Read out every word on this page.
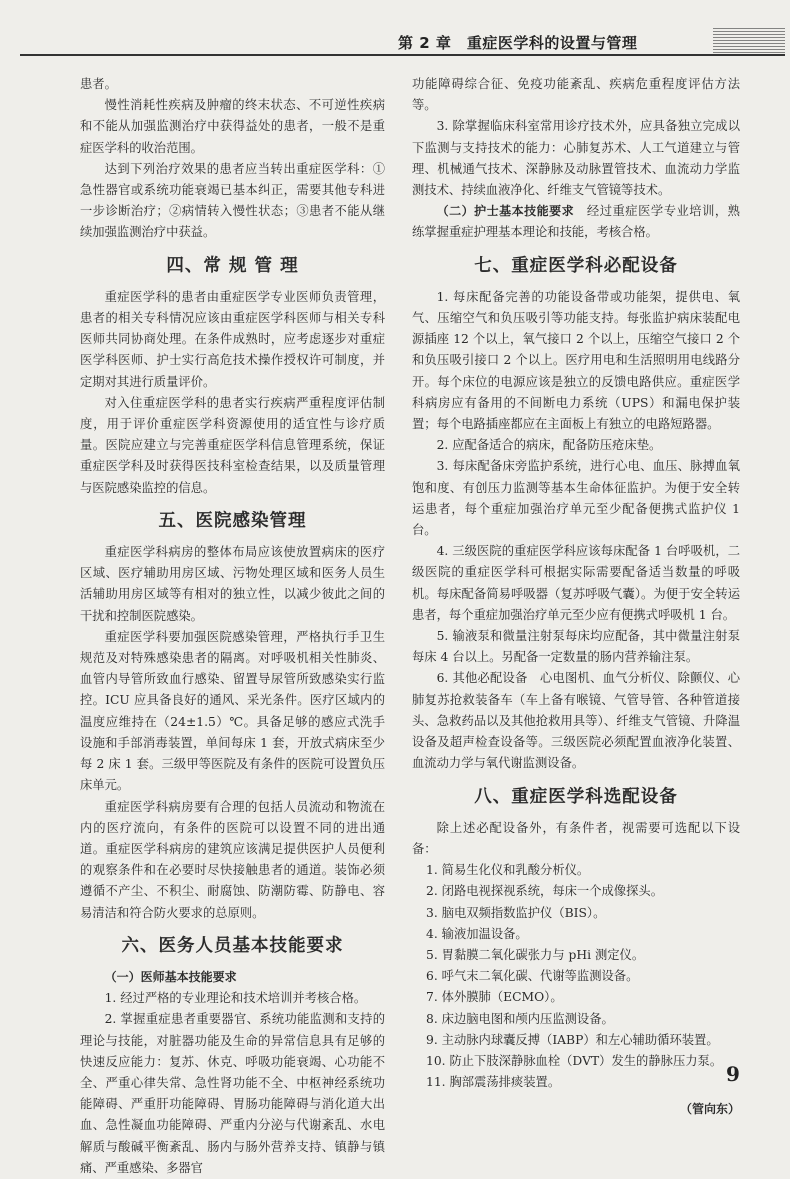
第 2 章　重症医学科的设置与管理

患者。

慢性消耗性疾病及肿瘤的终末状态、不可逆性疾病和不能从加强监测治疗中获得益处的患者，一般不是重症医学科的收治范围。

达到下列治疗效果的患者应当转出重症医学科：①急性器官或系统功能衰竭已基本纠正，需要其他专科进一步诊断治疗；②病情转入慢性状态；③患者不能从继续加强监测治疗中获益。

四、常 规 管 理

重症医学科的患者由重症医学专业医师负责管理，患者的相关专科情况应该由重症医学科医师与相关专科医师共同协商处理。在条件成熟时，应考虑逐步对重症医学科医师、护士实行高危技术操作授权许可制度，并定期对其进行质量评价。

对入住重症医学科的患者实行疾病严重程度评估制度，用于评价重症医学科资源使用的适宜性与诊疗质量。医院应建立与完善重症医学科信息管理系统，保证重症医学科及时获得医技科室检查结果，以及质量管理与医院感染监控的信息。

五、医院感染管理

重症医学科病房的整体布局应该使放置病床的医疗区域、医疗辅助用房区域、污物处理区域和医务人员生活辅助用房区域等有相对的独立性，以减少彼此之间的干扰和控制医院感染。

重症医学科要加强医院感染管理，严格执行手卫生规范及对特殊感染患者的隔离。对呼吸机相关性肺炎、血管内导管所致血行感染、留置导尿管所致感染实行监控。ICU 应具备良好的通风、采光条件。医疗区域内的温度应维持在（24±1.5）℃。具备足够的感应式洗手设施和手部消毒装置，单间每床 1 套，开放式病床至少每 2 床 1 套。三级甲等医院及有条件的医院可设置负压床单元。

重症医学科病房要有合理的包括人员流动和物流在内的医疗流向，有条件的医院可以设置不同的进出通道。重症医学科病房的建筑应该满足提供医护人员便利的观察条件和在必要时尽快接触患者的通道。装饰必须遵循不产尘、不积尘、耐腐蚀、防潮防霉、防静电、容易清洁和符合防火要求的总原则。

六、医务人员基本技能要求

（一）医师基本技能要求

1. 经过严格的专业理论和技术培训并考核合格。

2. 掌握重症患者重要器官、系统功能监测和支持的理论与技能，对脏器功能及生命的异常信息具有足够的快速反应能力：复苏、休克、呼吸功能衰竭、心功能不全、严重心律失常、急性肾功能不全、中枢神经系统功能障碍、严重肝功能障碍、胃肠功能障碍与消化道大出血、急性凝血功能障碍、严重内分泌与代谢紊乱、水电解质与酸碱平衡紊乱、肠内与肠外营养支持、镇静与镇痛、严重感染、多器官

功能障碍综合征、免疫功能紊乱、疾病危重程度评估方法等。

3. 除掌握临床科室常用诊疗技术外，应具备独立完成以下监测与支持技术的能力：心肺复苏术、人工气道建立与管理、机械通气技术、深静脉及动脉置管技术、血流动力学监测技术、持续血液净化、纤维支气管镜等技术。

（二）护士基本技能要求　经过重症医学专业培训，熟练掌握重症护理基本理论和技能，考核合格。

七、重症医学科必配设备

1. 每床配备完善的功能设备带或功能架，提供电、氧气、压缩空气和负压吸引等功能支持。每张监护病床装配电源插座 12 个以上，氧气接口 2 个以上，压缩空气接口 2 个和负压吸引接口 2 个以上。医疗用电和生活照明用电线路分开。每个床位的电源应该是独立的反馈电路供应。重症医学科病房应有备用的不间断电力系统（UPS）和漏电保护装置；每个电路插座都应在主面板上有独立的电路短路器。

2. 应配备适合的病床，配备防压疮床垫。

3. 每床配备床旁监护系统，进行心电、血压、脉搏血氧饱和度、有创压力监测等基本生命体征监护。为便于安全转运患者，每个重症加强治疗单元至少配备便携式监护仪 1 台。

4. 三级医院的重症医学科应该每床配备 1 台呼吸机，二级医院的重症医学科可根据实际需要配备适当数量的呼吸机。每床配备简易呼吸器（复苏呼吸气囊）。为便于安全转运患者，每个重症加强治疗单元至少应有便携式呼吸机 1 台。

5. 输液泵和微量注射泵每床均应配备，其中微量注射泵每床 4 台以上。另配备一定数量的肠内营养输注泵。

6. 其他必配设备　心电图机、血气分析仪、除颤仪、心肺复苏抢救装备车（车上备有喉镜、气管导管、各种管道接头、急救药品以及其他抢救用具等）、纤维支气管镜、升降温设备及超声检查设备等。三级医院必须配置血液净化装置、血流动力学与氧代谢监测设备。

八、重症医学科选配设备

除上述必配设备外，有条件者，视需要可选配以下设备：

1. 简易生化仪和乳酸分析仪。

2. 闭路电视探视系统，每床一个成像探头。

3. 脑电双频指数监护仪（BIS）。

4. 输液加温设备。

5. 胃黏膜二氧化碳张力与 pHi 测定仪。

6. 呼气末二氧化碳、代谢等监测设备。

7. 体外膜肺（ECMO）。

8. 床边脑电图和颅内压监测设备。

9. 主动脉内球囊反搏（IABP）和左心辅助循环装置。

10. 防止下肢深静脉血栓（DVT）发生的静脉压力泵。

11. 胸部震荡排痰装置。

（管向东）
9
